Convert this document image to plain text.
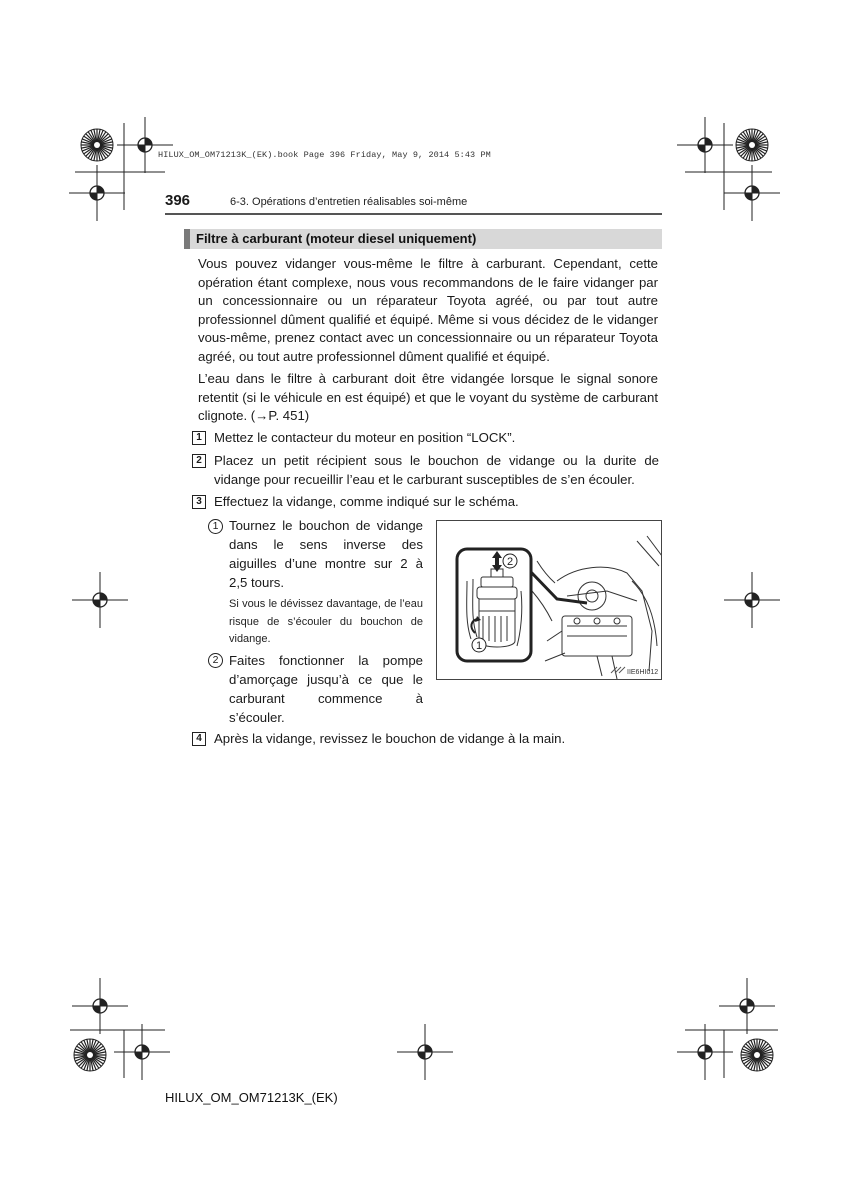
HILUX_OM_OM71213K_(EK).book Page 396 Friday, May 9, 2014 5:43 PM
396	6-3. Opérations d’entretien réalisables soi-même
Filtre à carburant (moteur diesel uniquement)
Vous pouvez vidanger vous-même le filtre à carburant. Cependant, cette opération étant complexe, nous vous recommandons de le faire vidanger par un concessionnaire ou un réparateur Toyota agréé, ou par tout autre professionnel dûment qualifié et équipé. Même si vous décidez de le vidanger vous-même, prenez contact avec un concessionnaire ou un réparateur Toyota agréé, ou tout autre professionnel dûment qualifié et équipé.
L’eau dans le filtre à carburant doit être vidangée lorsque le signal sonore retentit (si le véhicule en est équipé) et que le voyant du système de carburant clignote. (→P. 451)
1 Mettez le contacteur du moteur en position “LOCK”.
2 Placez un petit récipient sous le bouchon de vidange ou la durite de vidange pour recueillir l’eau et le carburant susceptibles de s’en écouler.
3 Effectuez la vidange, comme indiqué sur le schéma.
1 Tournez le bouchon de vidange dans le sens inverse des aiguilles d’une montre sur 2 à 2,5 tours.
Si vous le dévissez davantage, de l’eau risque de s’écouler du bouchon de vidange.
2 Faites fonctionner la pompe d’amorçage jusqu’à ce que le carburant commence à s’écouler.
2
1
IIE6HI012
4 Après la vidange, revissez le bouchon de vidange à la main.
HILUX_OM_OM71213K_(EK)
